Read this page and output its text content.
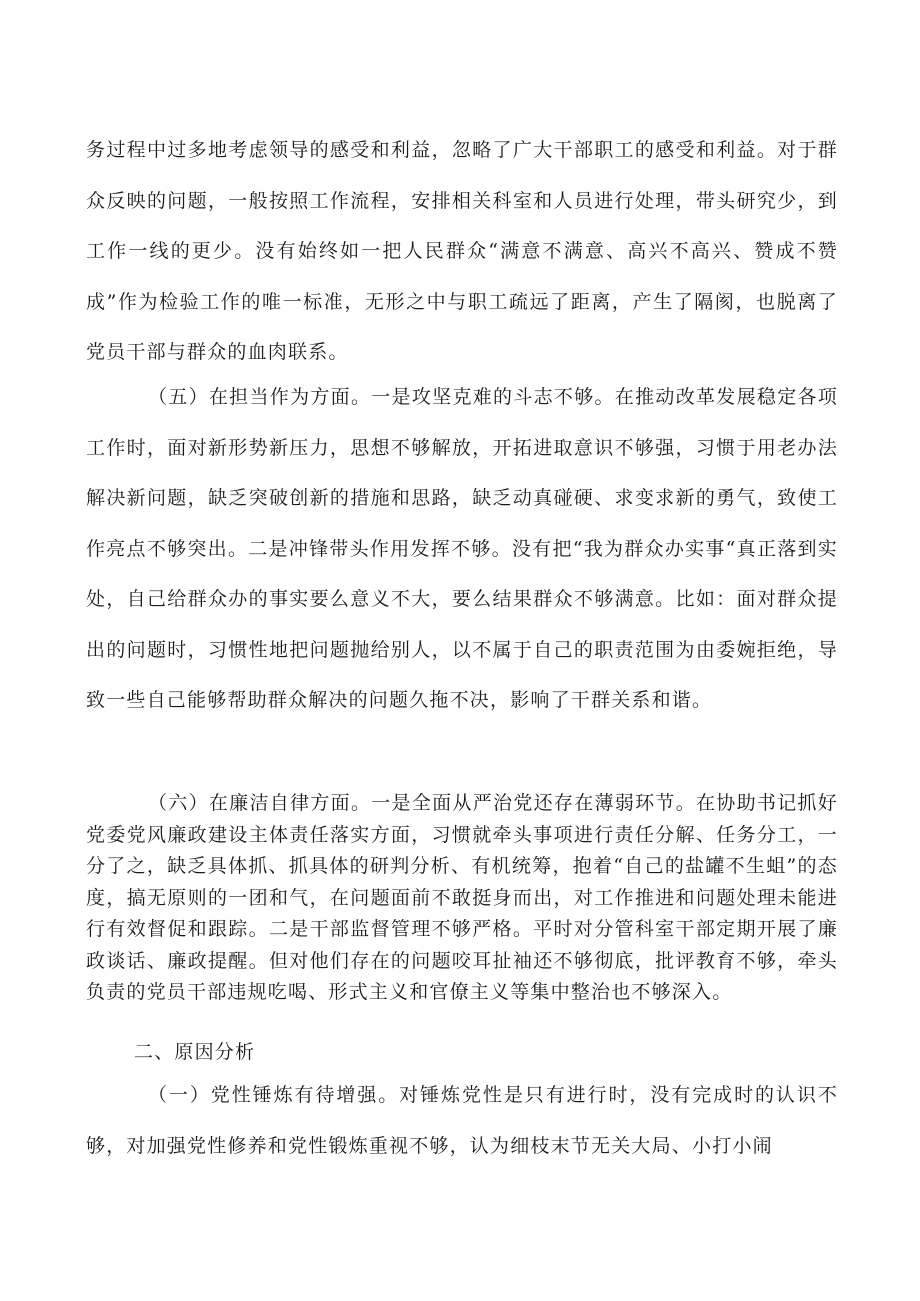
务过程中过多地考虑领导的感受和利益，忽略了广大干部职工的感受和利益。对于群众反映的问题，一般按照工作流程，安排相关科室和人员进行处理，带头研究少，到工作一线的更少。没有始终如一把人民群众“满意不满意、高兴不高兴、赞成不赞成”作为检验工作的唯一标准，无形之中与职工疏远了距离，产生了隔阂，也脱离了党员干部与群众的血肉联系。

（五）在担当作为方面。一是攻坚克难的斗志不够。在推动改革发展稳定各项工作时，面对新形势新压力，思想不够解放，开拓进取意识不够强，习惯于用老办法解决新问题，缺乏突破创新的措施和思路，缺乏动真碰硬、求变求新的勇气，致使工作亮点不够突出。二是冲锋带头作用发挥不够。没有把“我为群众办实事“真正落到实处，自己给群众办的事实要么意义不大，要么结果群众不够满意。比如：面对群众提出的问题时，习惯性地把问题抛给别人，以不属于自己的职责范围为由委婉拒绝，导致一些自己能够帮助群众解决的问题久拖不决，影响了干群关系和谐。

（六）在廉洁自律方面。一是全面从严治党还存在薄弱环节。在协助书记抓好党委党风廉政建设主体责任落实方面，习惯就牵头事项进行责任分解、任务分工，一分了之，缺乏具体抓、抓具体的研判分析、有机统筹，抱着“自己的盐罐不生蛆”的态度，搞无原则的一团和气，在问题面前不敢挺身而出，对工作推进和问题处理未能进行有效督促和跟踪。二是干部监督管理不够严格。平时对分管科室干部定期开展了廉政谈话、廉政提醒。但对他们存在的问题咬耳扯袖还不够彻底，批评教育不够，牵头负责的党员干部违规吃喝、形式主义和官僚主义等集中整治也不够深入。

二、原因分析

（一）党性锤炼有待增强。对锤炼党性是只有进行时，没有完成时的认识不够，对加强党性修养和党性锻炼重视不够，认为细枝末节无关大局、小打小闹
